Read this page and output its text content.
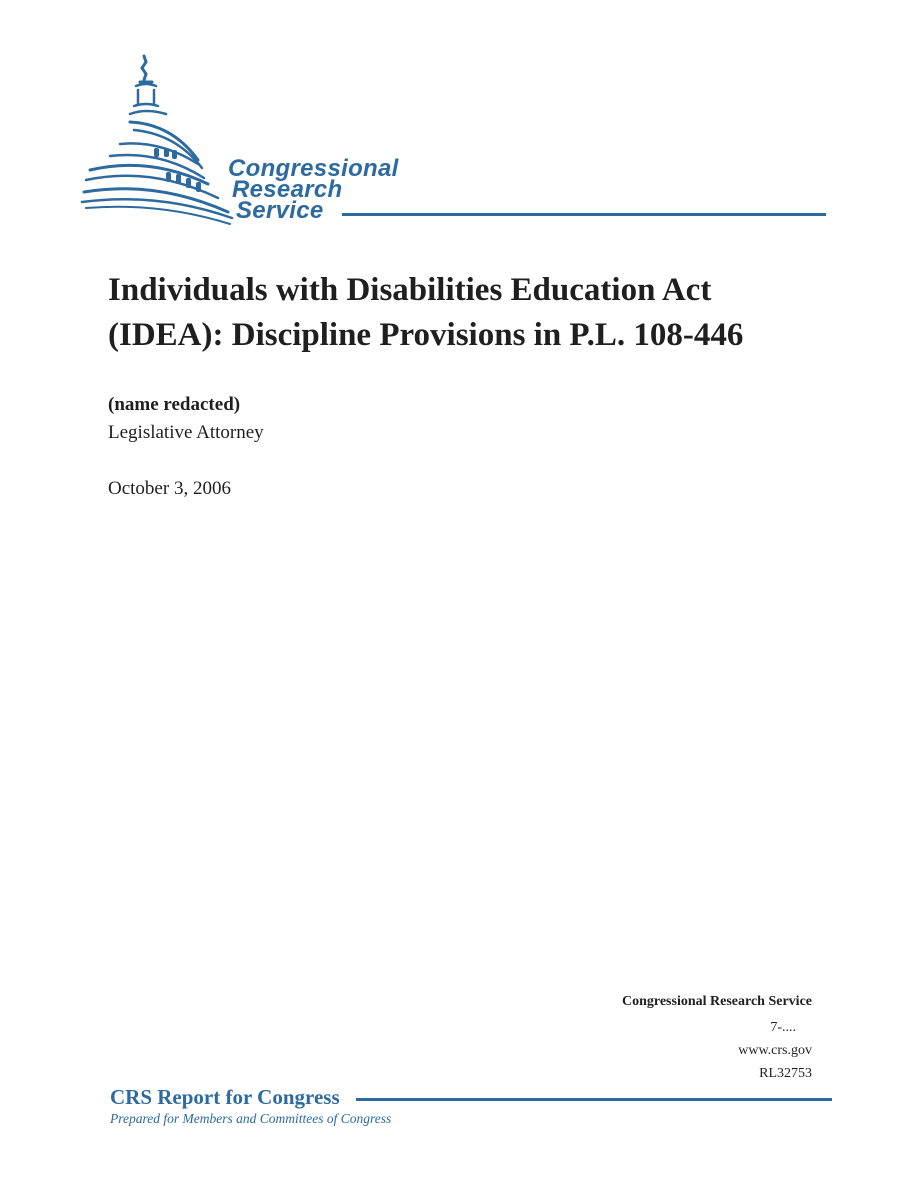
Congressional
Research
Service
Individuals with Disabilities Education Act
(IDEA): Discipline Provisions in P.L. 108-446
(name redacted)
Legislative Attorney
October 3, 2006
Congressional Research Service
7-....
www.crs.gov
RL32753
CRS Report for Congress
Prepared for Members and Committees of Congress
